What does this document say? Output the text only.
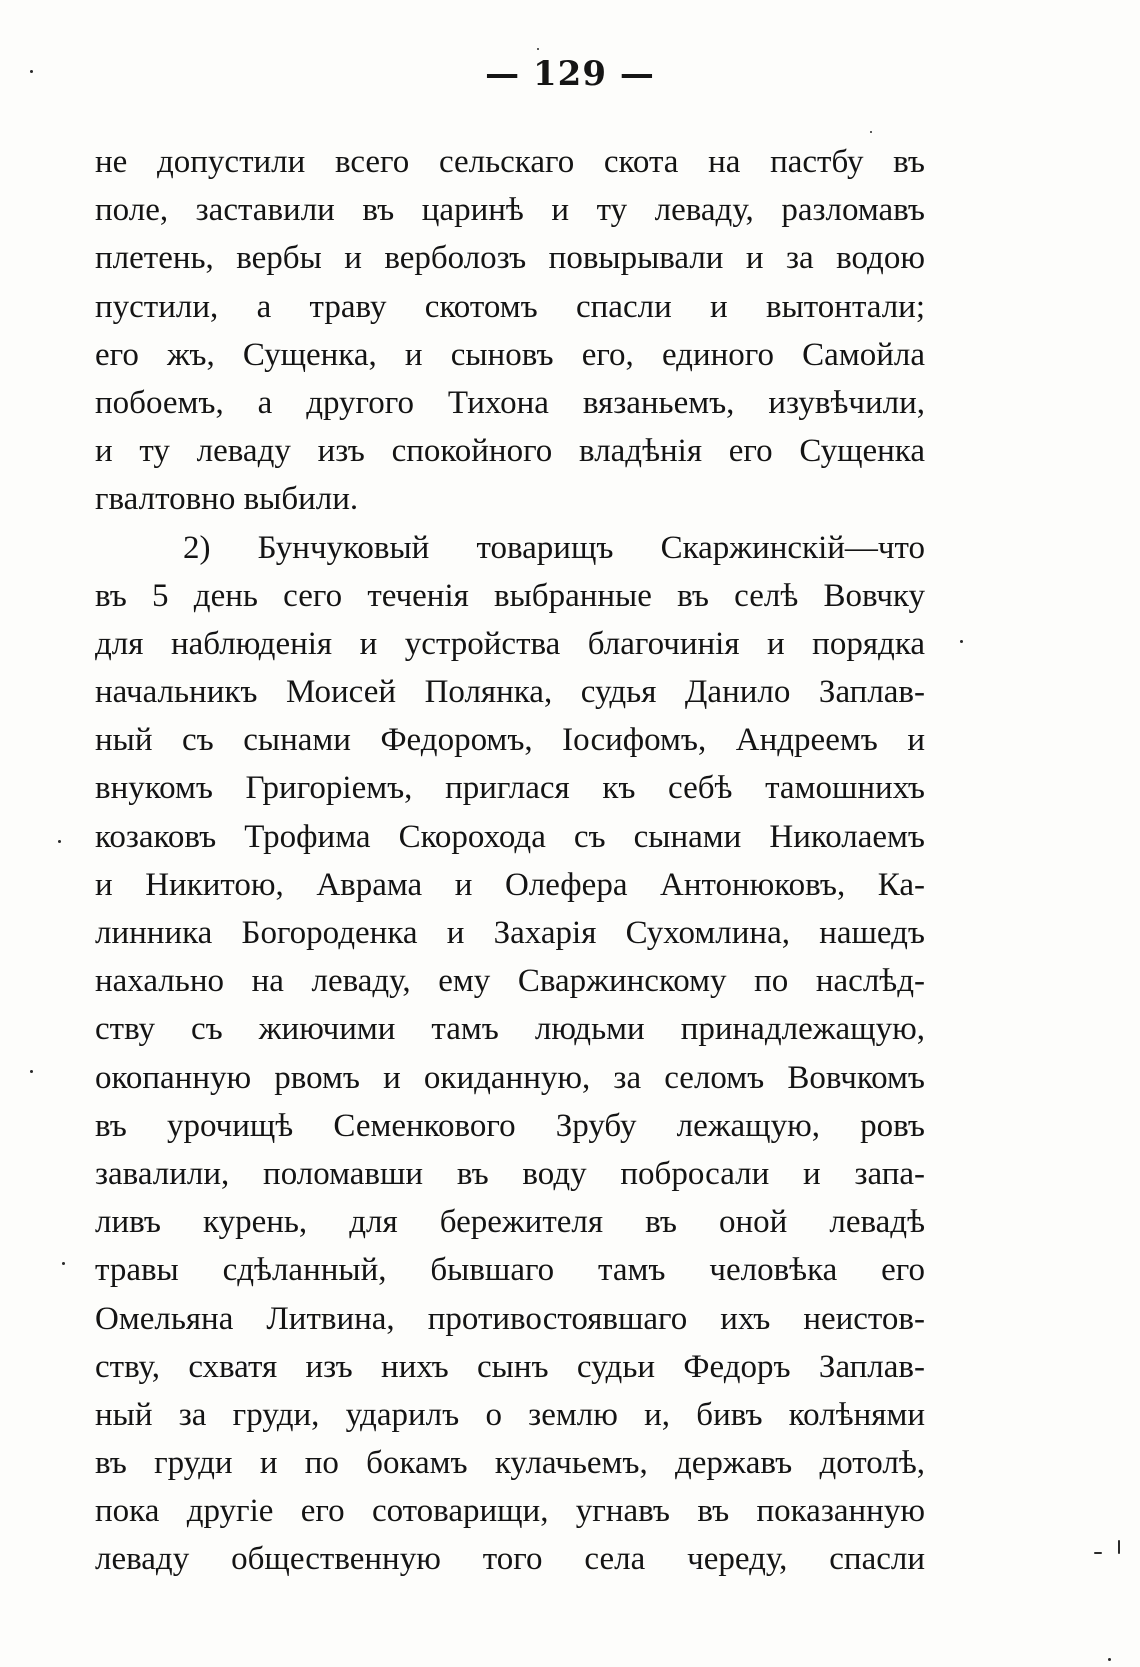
— 129 —
не допустили всего сельскаго скота на пастбу въ
поле, заставили въ царинѣ и ту леваду, разломавъ
плетень, вербы и верболозъ повырывали и за водою
пустили, а траву скотомъ спасли и вытонтали;
его жъ, Сущенка, и сыновъ его, единого Самойла
побоемъ, а другого Тихона вязаньемъ, изувѣчили,
и ту леваду изъ спокойного владѣнія его Сущенка
гвалтовно выбили.
2) Бунчуковый товарищъ Скаржинскій—что
въ 5 день сего теченія выбранные въ селѣ Вовчку
для наблюденія и устройства благочинія и порядка
начальникъ Моисей Полянка, судья Данило Заплав-
ный съ сынами Федоромъ, Іосифомъ, Андреемъ и
внукомъ Григоріемъ, приглася къ себѣ тамошнихъ
козаковъ Трофима Скорохода съ сынами Николаемъ
и Никитою, Аврама и Олефера Антонюковъ, Ка-
линника Богороденка и Захарія Сухомлина, нашедъ
нахально на леваду, ему Сваржинскому по наслѣд-
ству съ жиючими тамъ людьми принадлежащую,
окопанную рвомъ и окиданную, за селомъ Вовчкомъ
въ урочищѣ Семенкового Зрубу лежащую, ровъ
завалили, поломавши въ воду побросали и запа-
ливъ курень, для бережителя въ оной левадѣ
травы сдѣланный, бывшаго тамъ человѣка его
Омельяна Литвина, противостоявшаго ихъ неистов-
ству, схватя изъ нихъ сынъ судьи Федоръ Заплав-
ный за груди, ударилъ о землю и, бивъ колѣнями
въ груди и по бокамъ кулачьемъ, державъ дотолѣ,
пока другіе его сотоварищи, угнавъ въ показанную
леваду общественную того села череду, спасли
